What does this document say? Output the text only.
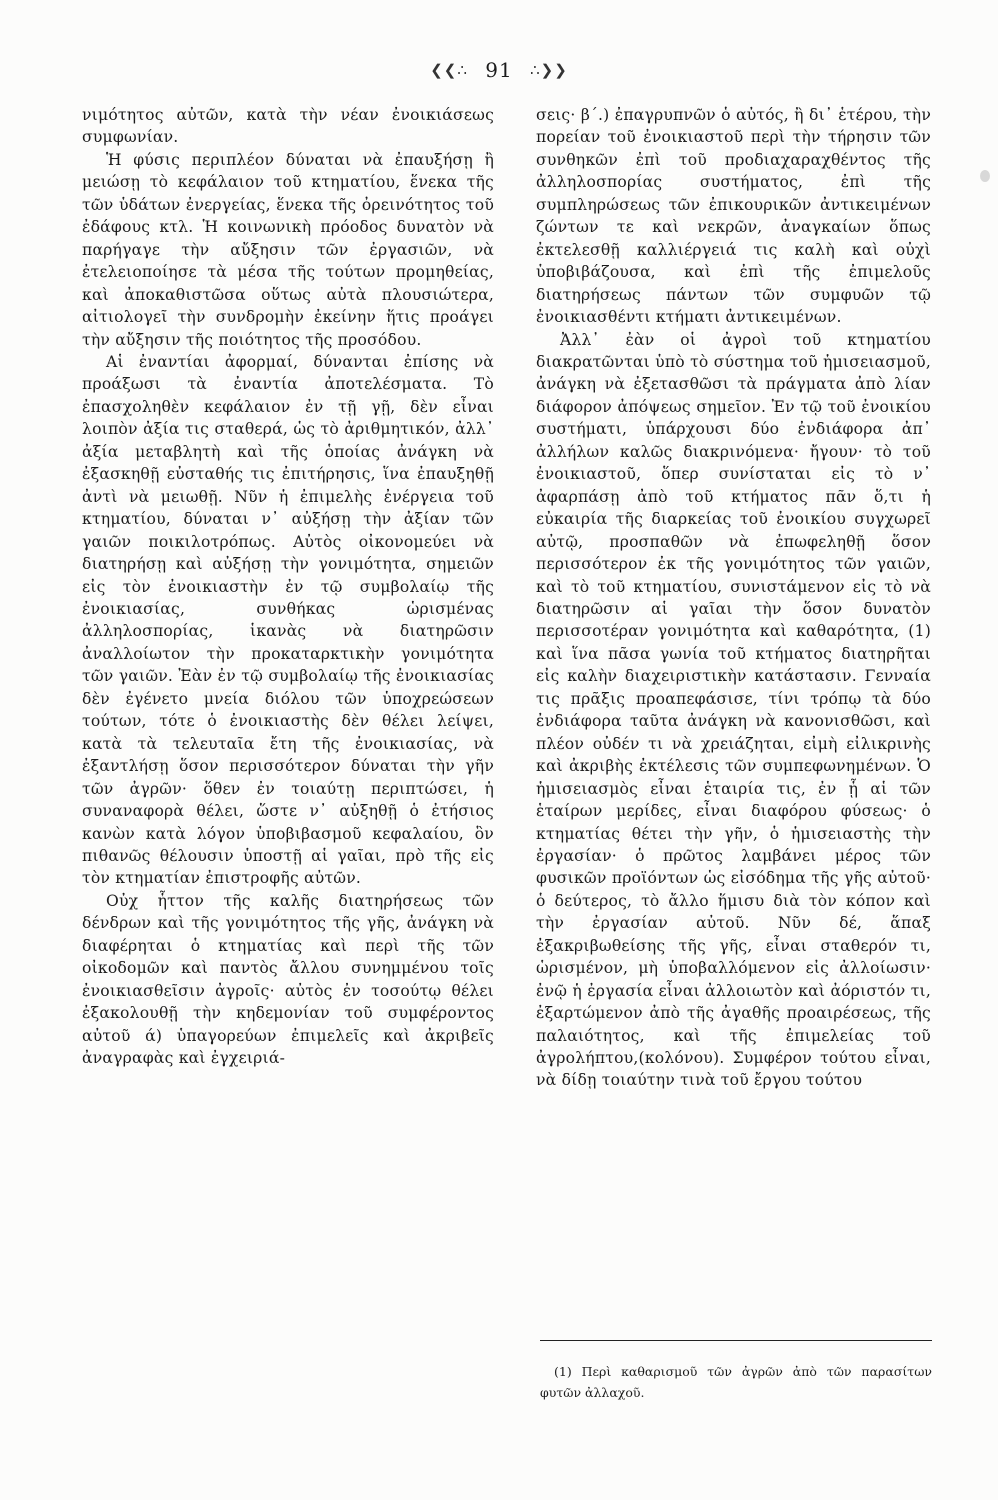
❮❮∴ 91 ∴❯❯

νιμότητος αὐτῶν, κατὰ τὴν νέαν ἐνοικιάσεως συμφωνίαν.

Ἡ φύσις περιπλέον δύναται νὰ ἐπαυξήσῃ ἢ μειώσῃ τὸ κεφάλαιον τοῦ κτηματίου, ἕνεκα τῆς τῶν ὑδάτων ἐνεργείας, ἕνεκα τῆς ὀρεινότητος τοῦ ἐδάφους κτλ. Ἡ κοινωνικὴ πρόοδος δυνατὸν νὰ παρήγαγε τὴν αὔξησιν τῶν ἐργασιῶν, νὰ ἐτελειοποίησε τὰ μέσα τῆς τούτων προμηθείας, καὶ ἀποκαθιστῶσα οὕτως αὐτὰ πλουσιώτερα, αἰτιολογεῖ τὴν συνδρομὴν ἐκείνην ἥτις προάγει τὴν αὔξησιν τῆς ποιότητος τῆς προσόδου.

Αἱ ἐναντίαι ἀφορμαί, δύνανται ἐπίσης νὰ προάξωσι τὰ ἐναντία ἀποτελέσματα. Τὸ ἐπασχοληθὲν κεφάλαιον ἐν τῇ γῇ, δὲν εἶναι λοιπὸν ἀξία τις σταθερά, ὡς τὸ ἀριθμητικόν, ἀλλ᾽ ἀξία μεταβλητὴ καὶ τῆς ὁποίας ἀνάγκη νὰ ἐξασκηθῇ εὐσταθής τις ἐπιτήρησις, ἵνα ἐπαυξηθῇ ἀντὶ νὰ μειωθῇ. Νῦν ἡ ἐπιμελὴς ἐνέργεια τοῦ κτηματίου, δύναται ν᾽ αὐξήσῃ τὴν ἀξίαν τῶν γαιῶν ποικιλοτρόπως. Αὐτὸς οἰκονομεύει νὰ διατηρήσῃ καὶ αὐξήσῃ τὴν γονιμότητα, σημειῶν εἰς τὸν ἐνοικιαστὴν ἐν τῷ συμβολαίῳ τῆς ἐνοικιασίας, συνθήκας ὡρισμένας ἀλληλοσπορίας, ἱκανὰς νὰ διατηρῶσιν ἀναλλοίωτον τὴν προκαταρκτικὴν γονιμότητα τῶν γαιῶν. Ἐὰν ἐν τῷ συμβολαίῳ τῆς ἐνοικιασίας δὲν ἐγένετο μνεία διόλου τῶν ὑποχρεώσεων τούτων, τότε ὁ ἐνοικιαστὴς δὲν θέλει λείψει, κατὰ τὰ τελευταῖα ἔτη τῆς ἐνοικιασίας, νὰ ἐξαντλήσῃ ὅσον περισσότερον δύναται τὴν γῆν τῶν ἀγρῶν· ὅθεν ἐν τοιαύτῃ περιπτώσει, ἡ συναναφορὰ θέλει, ὥστε ν᾽ αὐξηθῇ ὁ ἐτήσιος κανὼν κατὰ λόγον ὑποβιβασμοῦ κεφαλαίου, ὃν πιθανῶς θέλουσιν ὑποστῇ αἱ γαῖαι, πρὸ τῆς εἰς τὸν κτηματίαν ἐπιστροφῆς αὐτῶν.

Οὐχ ἧττον τῆς καλῆς διατηρήσεως τῶν δένδρων καὶ τῆς γονιμότητος τῆς γῆς, ἀνάγκη νὰ διαφέρηται ὁ κτηματίας καὶ περὶ τῆς τῶν οἰκοδομῶν καὶ παντὸς ἄλλου συνημμένου τοῖς ἐνοικιασθεῖσιν ἀγροῖς· αὐτὸς ἐν τοσούτῳ θέλει ἐξακολουθῇ τὴν κηδεμονίαν τοῦ συμφέροντος αὐτοῦ ά) ὑπαγορεύων ἐπιμελεῖς καὶ ἀκριβεῖς ἀναγραφὰς καὶ ἐγχειριά-

σεις· β΄.) ἐπαγρυπνῶν ὁ αὐτός, ἢ δι᾽ ἑτέρου, τὴν πορείαν τοῦ ἐνοικιαστοῦ περὶ τὴν τήρησιν τῶν συνθηκῶν ἐπὶ τοῦ προδιαχαραχθέντος τῆς ἀλληλοσπορίας συστήματος, ἐπὶ τῆς συμπληρώσεως τῶν ἐπικουρικῶν ἀντικειμένων ζώντων τε καὶ νεκρῶν, ἀναγκαίων ὅπως ἐκτελεσθῇ καλλιέργειά τις καλὴ καὶ οὐχὶ ὑποβιβάζουσα, καὶ ἐπὶ τῆς ἐπιμελοῦς διατηρήσεως πάντων τῶν συμφυῶν τῷ ἐνοικιασθέντι κτήματι ἀντικειμένων.

Ἀλλ᾽ ἐὰν οἱ ἀγροὶ τοῦ κτηματίου διακρατῶνται ὑπὸ τὸ σύστημα τοῦ ἡμισειασμοῦ, ἀνάγκη νὰ ἐξετασθῶσι τὰ πράγματα ἀπὸ λίαν διάφορον ἀπόψεως σημεῖον. Ἐν τῷ τοῦ ἐνοικίου συστήματι, ὑπάρχουσι δύο ἐνδιάφορα ἀπ᾽ ἀλλήλων καλῶς διακρινόμενα· ἤγουν· τὸ τοῦ ἐνοικιαστοῦ, ὅπερ συνίσταται εἰς τὸ ν᾽ ἀφαρπάσῃ ἀπὸ τοῦ κτήματος πᾶν ὅ,τι ἡ εὐκαιρία τῆς διαρκείας τοῦ ἐνοικίου συγχωρεῖ αὐτῷ, προσπαθῶν νὰ ἐπωφεληθῇ ὅσον περισσότερον ἐκ τῆς γονιμότητος τῶν γαιῶν, καὶ τὸ τοῦ κτηματίου, συνιστάμενον εἰς τὸ νὰ διατηρῶσιν αἱ γαῖαι τὴν ὅσον δυνατὸν περισσοτέραν γονιμότητα καὶ καθαρότητα, (1) καὶ ἵνα πᾶσα γωνία τοῦ κτήματος διατηρῆται εἰς καλὴν διαχειριστικὴν κατάστασιν. Γενναία τις πρᾶξις προαπεφάσισε, τίνι τρόπῳ τὰ δύο ἐνδιάφορα ταῦτα ἀνάγκη νὰ κανονισθῶσι, καὶ πλέον οὐδέν τι νὰ χρειάζηται, εἰμὴ εἰλικρινὴς καὶ ἀκριβὴς ἐκτέλεσις τῶν συμπεφωνημένων. Ὁ ἡμισειασμὸς εἶναι ἑταιρία τις, ἐν ᾗ αἱ τῶν ἑταίρων μερίδες, εἶναι διαφόρου φύσεως· ὁ κτηματίας θέτει τὴν γῆν, ὁ ἡμισειαστὴς τὴν ἐργασίαν· ὁ πρῶτος λαμβάνει μέρος τῶν φυσικῶν προϊόντων ὡς εἰσόδημα τῆς γῆς αὐτοῦ· ὁ δεύτερος, τὸ ἄλλο ἥμισυ διὰ τὸν κόπον καὶ τὴν ἐργασίαν αὐτοῦ. Νῦν δέ, ἅπαξ ἐξακριβωθείσης τῆς γῆς, εἶναι σταθερόν τι, ὡρισμένον, μὴ ὑποβαλλόμενον εἰς ἀλλοίωσιν· ἐνῷ ἡ ἐργασία εἶναι ἀλλοιωτὸν καὶ ἀόριστόν τι, ἐξαρτώμενον ἀπὸ τῆς ἀγαθῆς προαιρέσεως, τῆς παλαιότητος, καὶ τῆς ἐπιμελείας τοῦ ἀγρολήπτου,(κολόνου). Συμφέρον τούτου εἶναι, νὰ δίδῃ τοιαύτην τινὰ τοῦ ἔργου τούτου

(1) Περὶ καθαρισμοῦ τῶν ἀγρῶν ἀπὸ τῶν παρασίτων φυτῶν ἀλλαχοῦ.
